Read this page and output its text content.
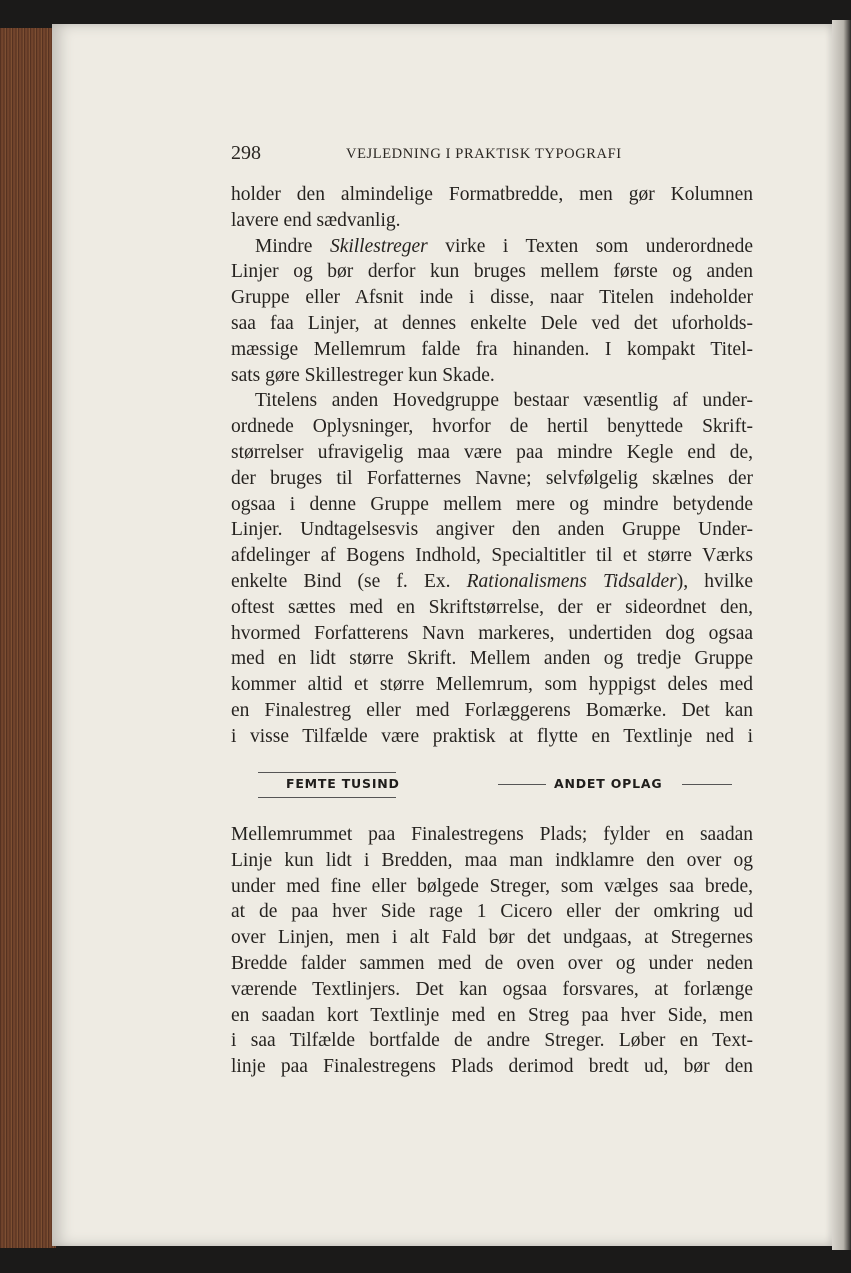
298	VEJLEDNING I PRAKTISK TYPOGRAFI
holder den almindelige Formatbredde, men gør Kolumnen
lavere end sædvanlig.
Mindre Skillestreger virke i Texten som underordnede
Linjer og bør derfor kun bruges mellem første og anden
Gruppe eller Afsnit inde i disse, naar Titelen indeholder
saa faa Linjer, at dennes enkelte Dele ved det uforholds-
mæssige Mellemrum falde fra hinanden. I kompakt Titel-
sats gøre Skillestreger kun Skade.
Titelens anden Hovedgruppe bestaar væsentlig af under-
ordnede Oplysninger, hvorfor de hertil benyttede Skrift-
størrelser ufravigelig maa være paa mindre Kegle end de,
der bruges til Forfatternes Navne; selvfølgelig skælnes der
ogsaa i denne Gruppe mellem mere og mindre betydende
Linjer. Undtagelsesvis angiver den anden Gruppe Under-
afdelinger af Bogens Indhold, Specialtitler til et større Værks
enkelte Bind (se f. Ex. Rationalismens Tidsalder), hvilke
oftest sættes med en Skriftstørrelse, der er sideordnet den,
hvormed Forfatterens Navn markeres, undertiden dog ogsaa
med en lidt større Skrift. Mellem anden og tredje Gruppe
kommer altid et større Mellemrum, som hyppigst deles med
en Finalestreg eller med Forlæggerens Bomærke. Det kan
i visse Tilfælde være praktisk at flytte en Textlinje ned i
FEMTE TUSIND	ANDET OPLAG
Mellemrummet paa Finalestregens Plads; fylder en saadan
Linje kun lidt i Bredden, maa man indklamre den over og
under med fine eller bølgede Streger, som vælges saa brede,
at de paa hver Side rage 1 Cicero eller der omkring ud
over Linjen, men i alt Fald bør det undgaas, at Stregernes
Bredde falder sammen med de oven over og under neden
værende Textlinjers. Det kan ogsaa forsvares, at forlænge
en saadan kort Textlinje med en Streg paa hver Side, men
i saa Tilfælde bortfalde de andre Streger. Løber en Text-
linje paa Finalestregens Plads derimod bredt ud, bør den
